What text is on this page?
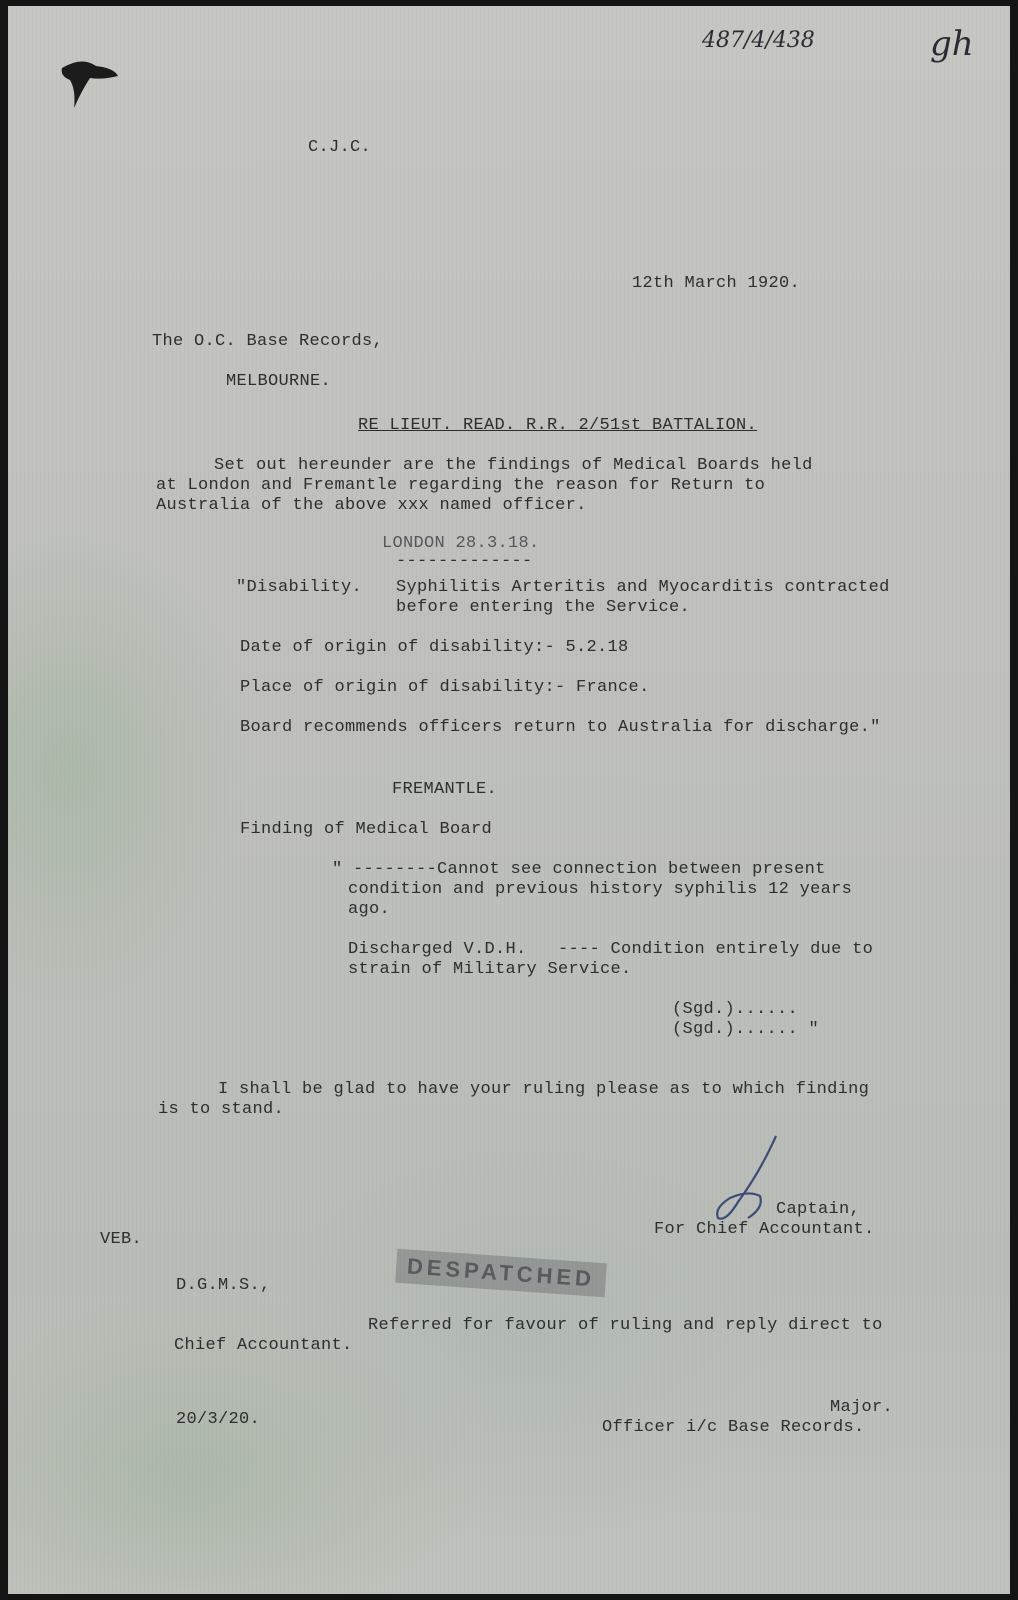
487/4/438	gh
C.J.C.
12th March 1920.
The O.C. Base Records,
MELBOURNE.
RE LIEUT. READ. R.R. 2/51st BATTALION.
Set out hereunder are the findings of Medical Boards held
at London and Fremantle regarding the reason for Return to
Australia of the above xxx named officer.
LONDON 28.3.18.
-------------
"Disability. Syphilitis Arteritis and Myocarditis contracted
before entering the Service.
Date of origin of disability:- 5.2.18
Place of origin of disability:- France.
Board recommends officers return to Australia for discharge."
FREMANTLE.
Finding of Medical Board
" --------Cannot see connection between present
condition and previous history syphilis 12 years
ago.
Discharged V.D.H.   ---- Condition entirely due to
strain of Military Service.
(Sgd.)......
(Sgd.)...... "
I shall be glad to have your ruling please as to which finding
is to stand.
Captain,
For Chief Accountant.
VEB.
DESPATCHED
D.G.M.S.,
Referred for favour of ruling and reply direct to
Chief Accountant.
20/3/20.
Major.
Officer i/c Base Records.
